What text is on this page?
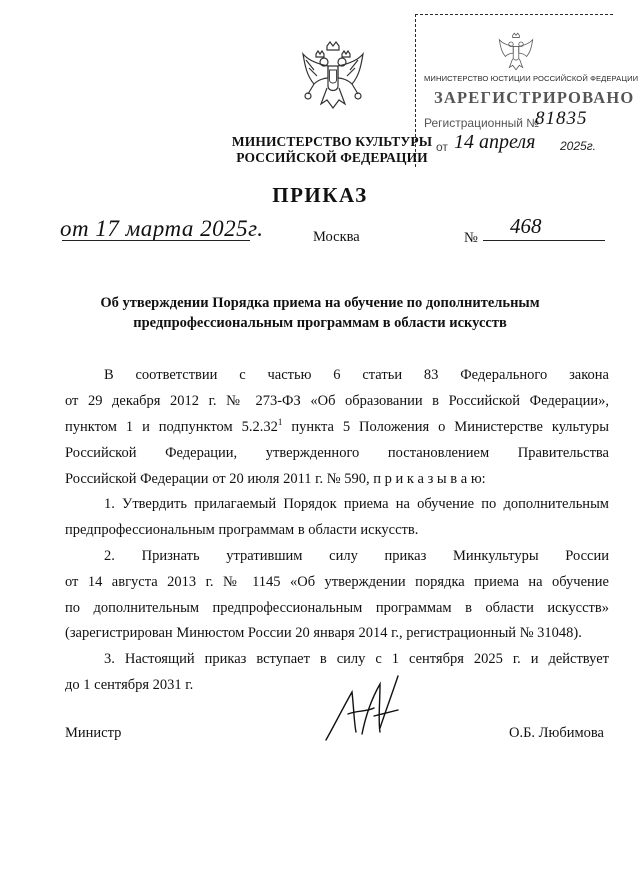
МИНИСТЕРСТВО ЮСТИЦИИ РОССИЙСКОЙ ФЕДЕРАЦИИ
ЗАРЕГИСТРИРОВАНО
Регистрационный №
81835
от 14 апреля 2025г.
МИНИСТЕРСТВО КУЛЬТУРЫ
РОССИЙСКОЙ ФЕДЕРАЦИИ
ПРИКАЗ
от 17 марта 2025г.	Москва	№ 468
Об утверждении Порядка приема на обучение по дополнительным
предпрофессиональным программам в области искусств
В соответствии с частью 6 статьи 83 Федерального закона
от 29 декабря 2012 г. № 273-ФЗ «Об образовании в Российской Федерации»,
пунктом 1 и подпунктом 5.2.32$^1$ пункта 5 Положения о Министерстве культуры
Российской Федерации, утвержденного постановлением Правительства
Российской Федерации от 20 июля 2011 г. № 590, п р и к а з ы в а ю:
1. Утвердить прилагаемый Порядок приема на обучение по дополнительным
предпрофессиональным программам в области искусств.
2. Признать утратившим силу приказ Минкультуры России
от 14 августа 2013 г. № 1145 «Об утверждении порядка приема на обучение
по дополнительным предпрофессиональным программам в области искусств»
(зарегистрирован Минюстом России 20 января 2014 г., регистрационный № 31048).
3. Настоящий приказ вступает в силу с 1 сентября 2025 г. и действует
до 1 сентября 2031 г.
Министр	О.Б. Любимова
